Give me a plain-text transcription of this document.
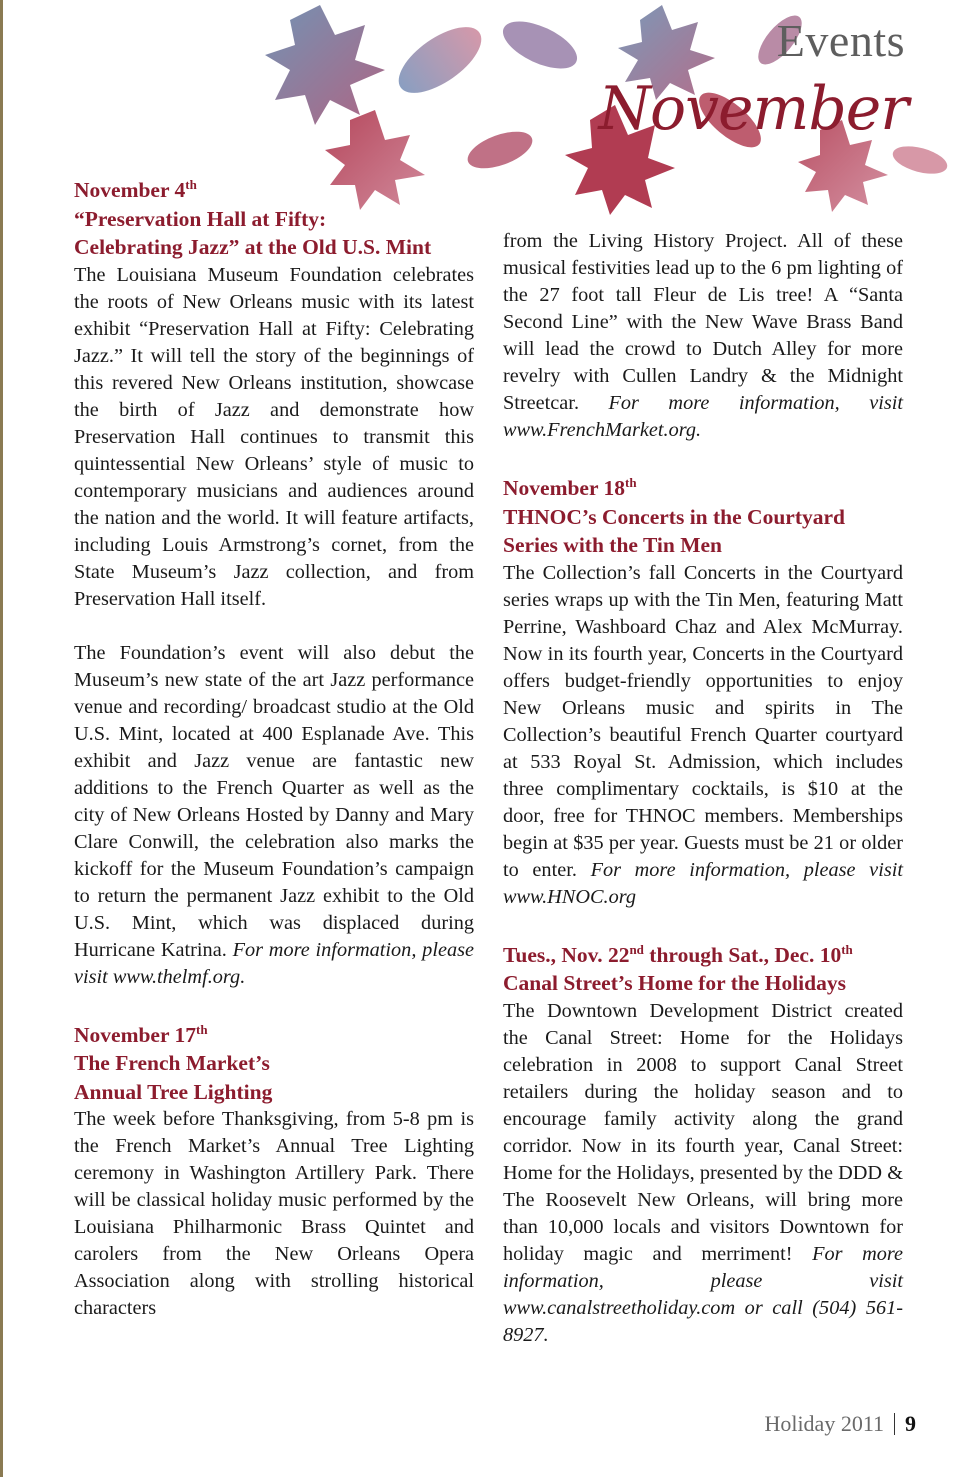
Events
November
November 4th
“Preservation Hall at Fifty:
Celebrating Jazz” at the Old U.S. Mint
The Louisiana Museum Foundation celebrates the roots of New Orleans music with its latest exhibit “Preservation Hall at Fifty: Celebrating Jazz.” It will tell the story of the beginnings of this revered New Orleans institution, showcase the birth of Jazz and demonstrate how Preservation Hall continues to transmit this quintessential New Orleans’ style of music to contemporary musicians and audiences around the nation and the world. It will feature artifacts, including Louis Armstrong’s cornet, from the State Museum’s Jazz collection, and from Preservation Hall itself.
The Foundation’s event will also debut the Museum’s new state of the art Jazz performance venue and recording/ broadcast studio at the Old U.S. Mint, located at 400 Esplanade Ave. This exhibit and Jazz venue are fantastic new additions to the French Quarter as well as the city of New Orleans Hosted by Danny and Mary Clare Conwill, the celebration also marks the kickoff for the Museum Foundation’s campaign to return the permanent Jazz exhibit to the Old U.S. Mint, which was displaced during Hurricane Katrina. For more information, please visit www.thelmf.org.
November 17th
The French Market’s
Annual Tree Lighting
The week before Thanksgiving, from 5-8 pm is the French Market’s Annual Tree Lighting ceremony in Washington Artillery Park. There will be classical holiday music performed by the Louisiana Philharmonic Brass Quintet and carolers from the New Orleans Opera Association along with strolling historical characters
from the Living History Project. All of these musical festivities lead up to the 6 pm lighting of the 27 foot tall Fleur de Lis tree! A “Santa Second Line” with the New Wave Brass Band will lead the crowd to Dutch Alley for more revelry with Cullen Landry & the Midnight Streetcar. For more information, visit www.FrenchMarket.org.
November 18th
THNOC’s Concerts in the Courtyard
Series with the Tin Men
The Collection’s fall Concerts in the Courtyard series wraps up with the Tin Men, featuring Matt Perrine, Washboard Chaz and Alex McMurray. Now in its fourth year, Concerts in the Courtyard offers budget-friendly opportunities to enjoy New Orleans music and spirits in The Collection’s beautiful French Quarter courtyard at 533 Royal St. Admission, which includes three complimentary cocktails, is $10 at the door, free for THNOC members. Memberships begin at $35 per year. Guests must be 21 or older to enter. For more information, please visit www.HNOC.org
Tues., Nov. 22nd through Sat., Dec. 10th
Canal Street’s Home for the Holidays
The Downtown Development District created the Canal Street: Home for the Holidays celebration in 2008 to support Canal Street retailers during the holiday season and to encourage family activity along the grand corridor. Now in its fourth year, Canal Street: Home for the Holidays, presented by the DDD & The Roosevelt New Orleans, will bring more than 10,000 locals and visitors Downtown for holiday magic and merriment! For more information, please visit www.canalstreetholiday.com or call (504) 561-8927.
Holiday 2011 9
